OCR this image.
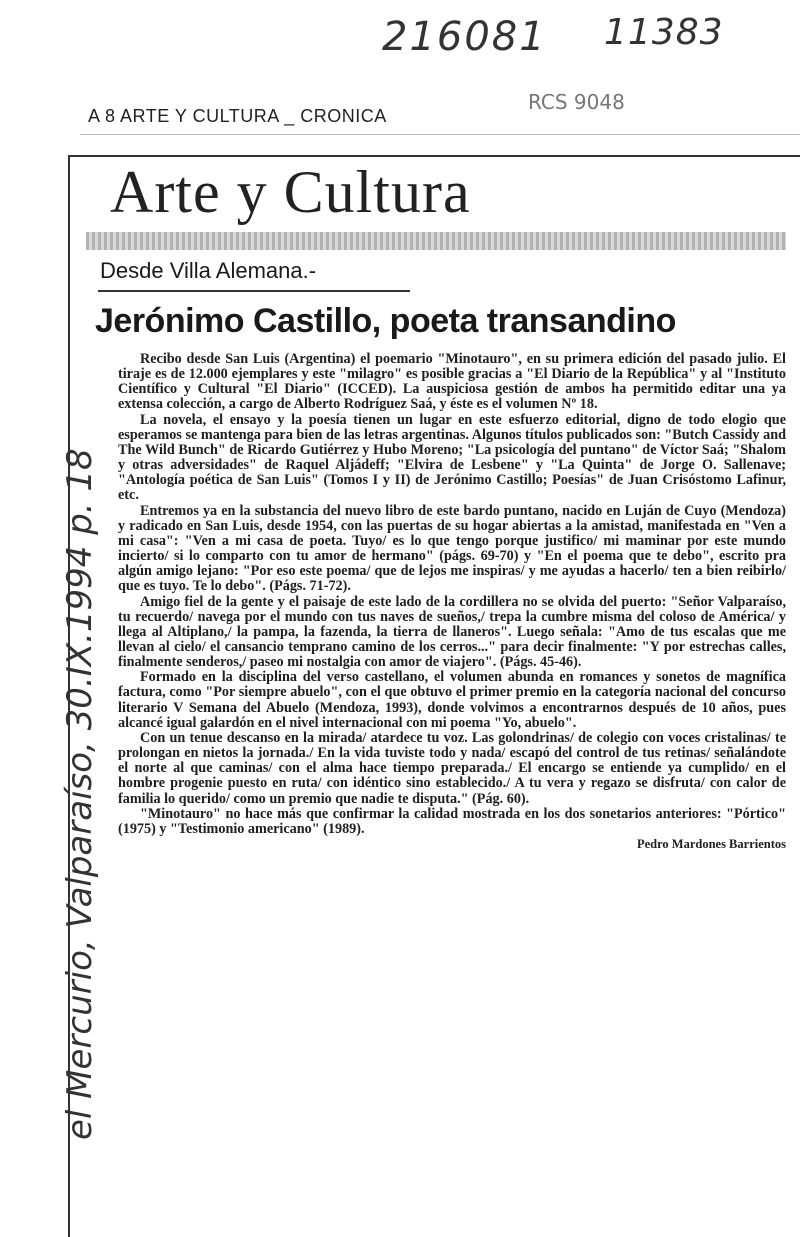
216081 11383
RCS 9048
A 8 ARTE Y CULTURA _ CRONICA
Arte y Cultura
Desde Villa Alemana.-
Jerónimo Castillo, poeta transandino

Recibo desde San Luis (Argentina) el poemario "Minotauro", en su primera edición del pasado julio. El tiraje es de 12.000 ejemplares y este "milagro" es posible gracias a "El Diario de la República" y al "Instituto Científico y Cultural "El Diario" (ICCED). La auspiciosa gestión de ambos ha permitido editar una ya extensa colección, a cargo de Alberto Rodríguez Saá, y éste es el volumen Nº 18.

La novela, el ensayo y la poesía tienen un lugar en este esfuerzo editorial, digno de todo elogio que esperamos se mantenga para bien de las letras argentinas. Algunos títulos publicados son: "Butch Cassidy and The Wild Bunch" de Ricardo Gutiérrez y Hubo Moreno; "La psicología del puntano" de Víctor Saá; "Shalom y otras adversidades" de Raquel Aljádeff; "Elvira de Lesbene" y "La Quinta" de Jorge O. Sallenave; "Antología poética de San Luis" (Tomos I y II) de Jerónimo Castillo; Poesías" de Juan Crisóstomo Lafinur, etc.

Entremos ya en la substancia del nuevo libro de este bardo puntano, nacido en Luján de Cuyo (Mendoza) y radicado en San Luis, desde 1954, con las puertas de su hogar abiertas a la amistad, manifestada en "Ven a mi casa": "Ven a mi casa de poeta. Tuyo/ es lo que tengo porque justifico/ mi maminar por este mundo incierto/ si lo comparto con tu amor de hermano" (págs. 69-70) y "En el poema que te debo", escrito pra algún amigo lejano: "Por eso este poema/ que de lejos me inspiras/ y me ayudas a hacerlo/ ten a bien reibirlo/ que es tuyo. Te lo debo". (Págs. 71-72).

Amigo fiel de la gente y el paisaje de este lado de la cordillera no se olvida del puerto: "Señor Valparaíso, tu recuerdo/ navega por el mundo con tus naves de sueños,/ trepa la cumbre misma del coloso de América/ y llega al Altiplano,/ la pampa, la fazenda, la tierra de llaneros". Luego señala: "Amo de tus escalas que me llevan al cielo/ el cansancio temprano camino de los cerros..." para decir finalmente: "Y por estrechas calles, finalmente senderos,/ paseo mi nostalgia con amor de viajero". (Págs. 45-46).

Formado en la disciplina del verso castellano, el volumen abunda en romances y sonetos de magnífica factura, como "Por siempre abuelo", con el que obtuvo el primer premio en la categoría nacional del concurso literario V Semana del Abuelo (Mendoza, 1993), donde volvimos a encontrarnos después de 10 años, pues alcancé igual galardón en el nivel internacional con mi poema "Yo, abuelo".

Con un tenue descanso en la mirada/ atardece tu voz. Las golondrinas/ de colegio con voces cristalinas/ te prolongan en nietos la jornada./ En la vida tuviste todo y nada/ escapó del control de tus retinas/ señalándote el norte al que caminas/ con el alma hace tiempo preparada./ El encargo se entiende ya cumplido/ en el hombre progenie puesto en ruta/ con idéntico sino establecido./ A tu vera y regazo se disfruta/ con calor de familia lo querido/ como un premio que nadie te disputa." (Pág. 60).

"Minotauro" no hace más que confirmar la calidad mostrada en los dos sonetarios anteriores: "Pórtico"(1975) y "Testimonio americano" (1989).

Pedro Mardones Barrientos
el Mercurio, Valparaíso, 30.IX.1994 p. 18
